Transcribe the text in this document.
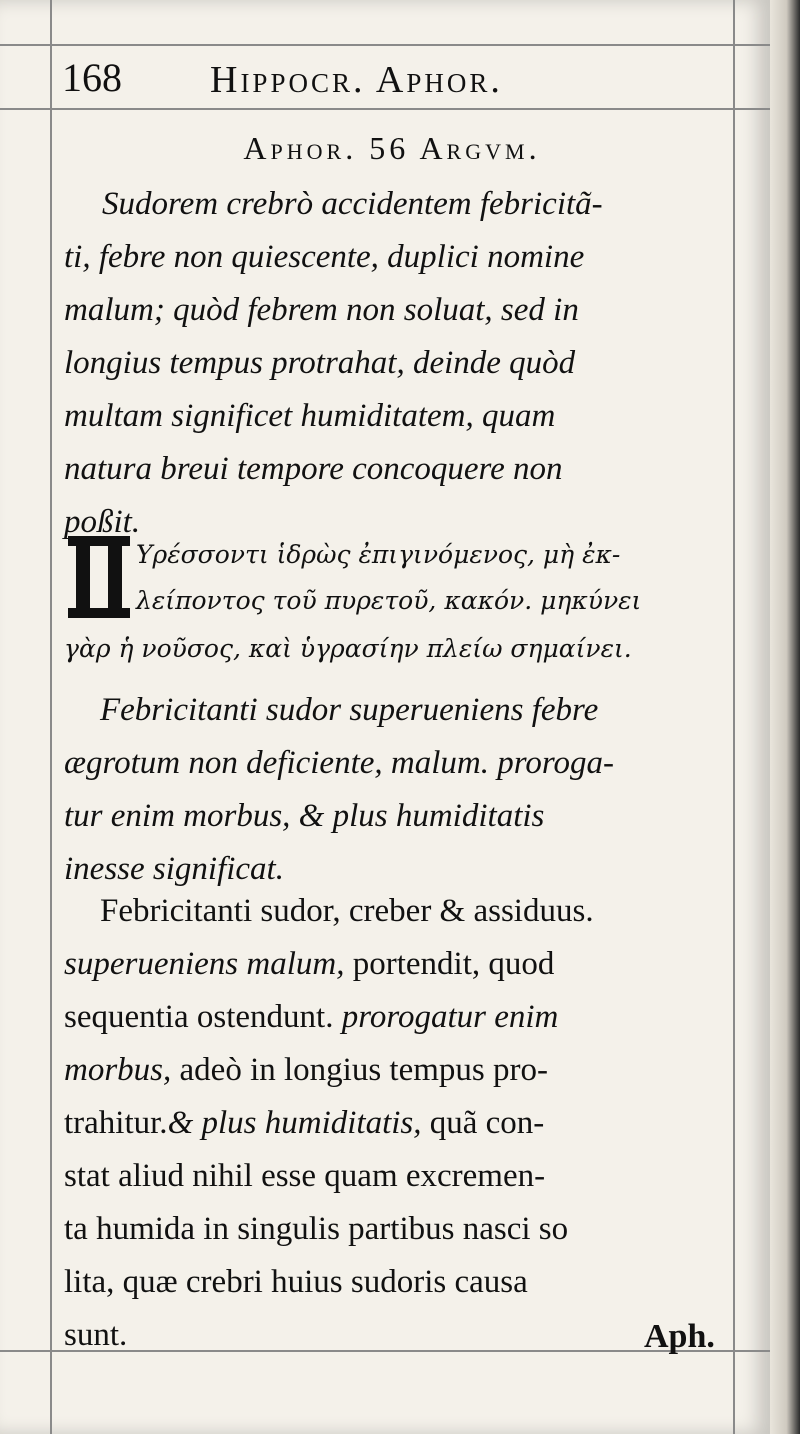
168 Hippocr. Aphor.
Aphor. 56 Argvm.
Sudorem crebrò accidentem febricitã-
ti, febre non quiescente, duplici nomine
malum; quòd febrem non soluat, sed in
longius tempus protrahat, deinde quòd
multam significet humiditatem, quam
natura breui tempore concoquere non
poßit.
Υρέσσοντι ἱδρὼς ἐπιγινόμενος, μὴ ἐκ-
λείποντος τοῦ πυρετοῦ, κακόν. μηκύνει
γὰρ ἡ νοῦσος, καὶ ὑγρασίην πλείω σημαίνει.
Febricitanti sudor superueniens febre
ægrotum non deficiente, malum. proroga-
tur enim morbus, & plus humiditatis
inesse significat.
Febricitanti sudor, creber & assiduus.
superueniens malum, portendit, quod
sequentia ostendunt. prorogatur enim
morbus, adeò in longius tempus pro-
trahitur.& plus humiditatis, quã con-
stat aliud nihil esse quam excremen-
ta humida in singulis partibus nasci so
lita, quæ crebri huius sudoris causa
sunt.	Aph.
